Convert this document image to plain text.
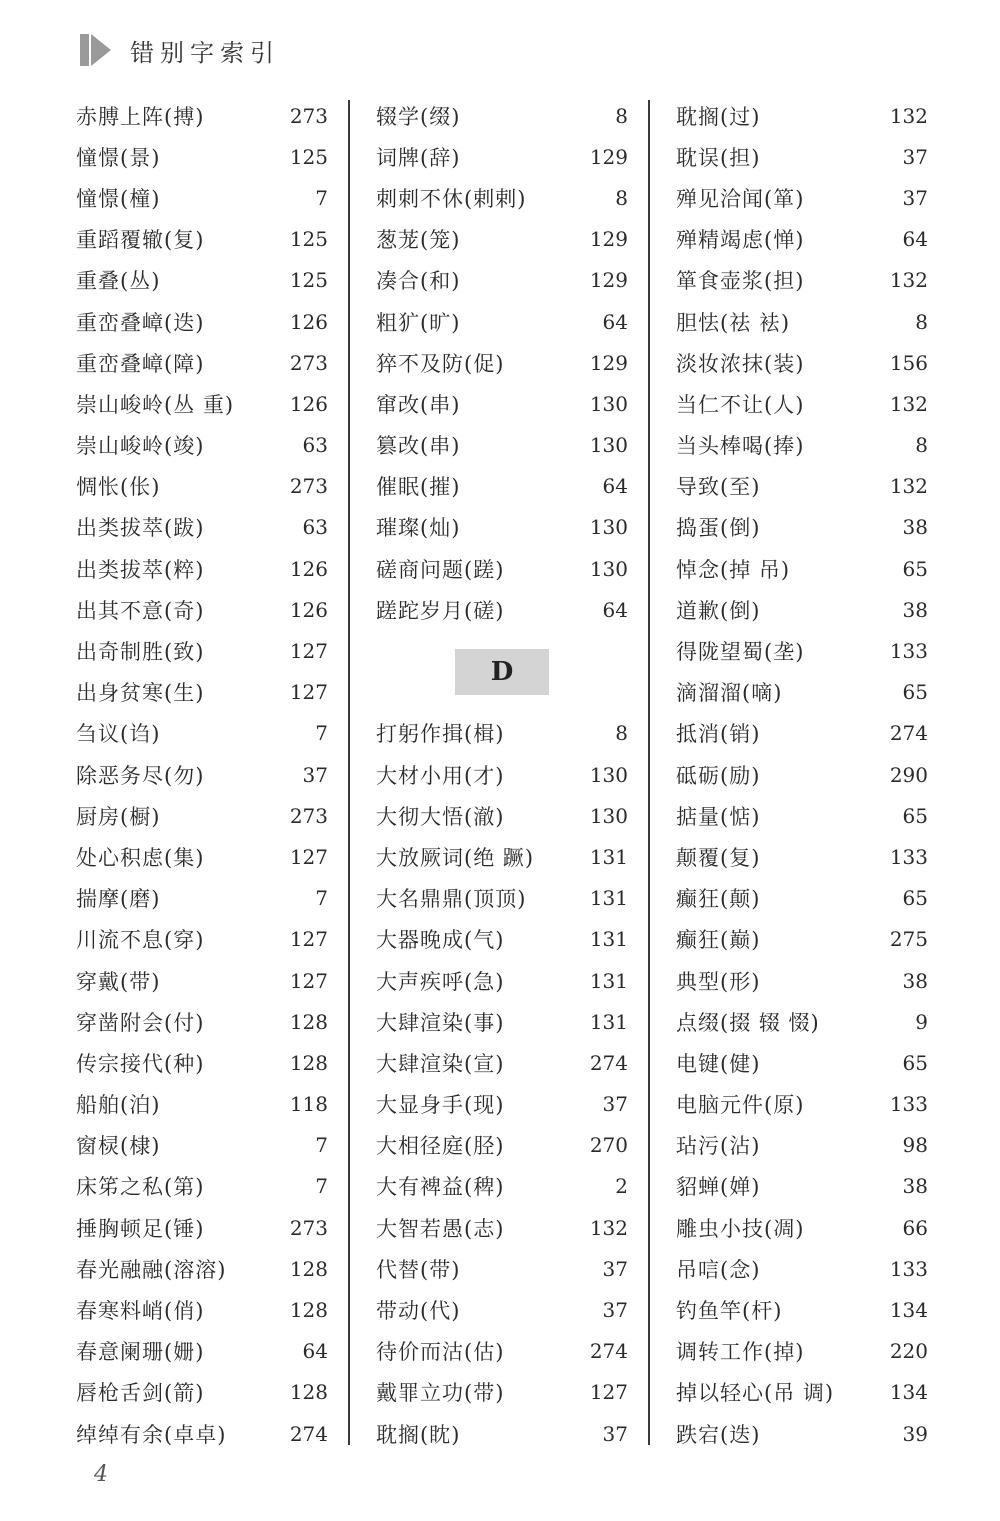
错别字索引
赤膊上阵(搏)	273
憧憬(景)	125
憧憬(橦)	7
重蹈覆辙(复)	125
重叠(丛)	125
重峦叠嶂(迭)	126
重峦叠嶂(障)	273
崇山峻岭(丛 重)	126
崇山峻岭(竣)	63
惆怅(伥)	273
出类拔萃(跋)	63
出类拔萃(粹)	126
出其不意(奇)	126
出奇制胜(致)	127
出身贫寒(生)	127
刍议(诌)	7
除恶务尽(勿)	37
厨房(橱)	273
处心积虑(集)	127
揣摩(磨)	7
川流不息(穿)	127
穿戴(带)	127
穿凿附会(付)	128
传宗接代(种)	128
船舶(泊)	118
窗棂(棣)	7
床笫之私(第)	7
捶胸顿足(锤)	273
春光融融(溶溶)	128
春寒料峭(俏)	128
春意阑珊(姗)	64
唇枪舌剑(箭)	128
绰绰有余(卓卓)	274
辍学(缀)	8
词牌(辞)	129
刺刺不休(剌剌)	8
葱茏(笼)	129
凑合(和)	129
粗犷(旷)	64
猝不及防(促)	129
窜改(串)	130
篡改(串)	130
催眠(摧)	64
璀璨(灿)	130
磋商问题(蹉)	130
蹉跎岁月(磋)	64
D
打躬作揖(楫)	8
大材小用(才)	130
大彻大悟(澈)	130
大放厥词(绝 蹶)	131
大名鼎鼎(顶顶)	131
大器晚成(气)	131
大声疾呼(急)	131
大肆渲染(事)	131
大肆渲染(宣)	274
大显身手(现)	37
大相径庭(胫)	270
大有裨益(稗)	2
大智若愚(志)	132
代替(带)	37
带动(代)	37
待价而沽(估)	274
戴罪立功(带)	127
耽搁(眈)	37
耽搁(过)	132
耽误(担)	37
殚见洽闻(箪)	37
殚精竭虑(惮)	64
箪食壶浆(担)	132
胆怯(祛 袪)	8
淡妆浓抹(装)	156
当仁不让(人)	132
当头棒喝(捧)	8
导致(至)	132
捣蛋(倒)	38
悼念(掉 吊)	65
道歉(倒)	38
得陇望蜀(垄)	133
滴溜溜(嘀)	65
抵消(销)	274
砥砺(励)	290
掂量(惦)	65
颠覆(复)	133
癫狂(颠)	65
癫狂(巅)	275
典型(形)	38
点缀(掇 辍 惙)	9
电键(健)	65
电脑元件(原)	133
玷污(沾)	98
貂蝉(婵)	38
雕虫小技(凋)	66
吊唁(念)	133
钓鱼竿(杆)	134
调转工作(掉)	220
掉以轻心(吊 调)	134
跌宕(迭)	39
4
